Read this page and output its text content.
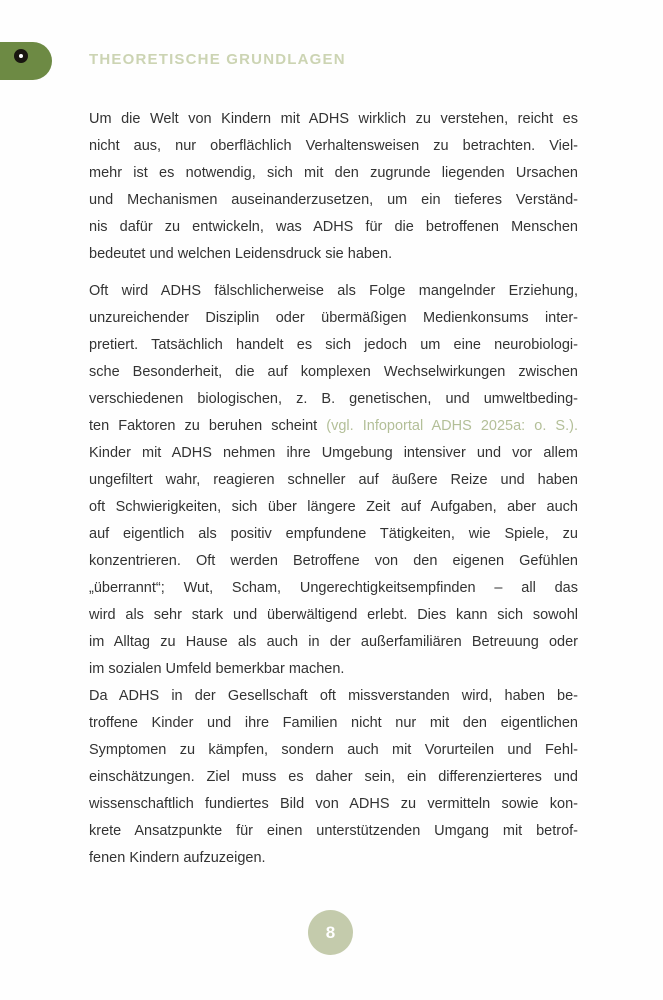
THEORETISCHE GRUNDLAGEN
Um die Welt von Kindern mit ADHS wirklich zu verstehen, reicht es
nicht aus, nur oberflächlich Verhaltensweisen zu betrachten. Viel-
mehr ist es notwendig, sich mit den zugrunde liegenden Ursachen
und Mechanismen auseinanderzusetzen, um ein tieferes Verständ-
nis dafür zu entwickeln, was ADHS für die betroffenen Menschen
bedeutet und welchen Leidensdruck sie haben.
Oft wird ADHS fälschlicherweise als Folge mangelnder Erziehung,
unzureichender Disziplin oder übermäßigen Medienkonsums inter-
pretiert. Tatsächlich handelt es sich jedoch um eine neurobiologi-
sche Besonderheit, die auf komplexen Wechselwirkungen zwischen
verschiedenen biologischen, z. B. genetischen, und umweltbeding-
ten Faktoren zu beruhen scheint (vgl. Infoportal ADHS 2025a: o. S.).
Kinder mit ADHS nehmen ihre Umgebung intensiver und vor allem
ungefiltert wahr, reagieren schneller auf äußere Reize und haben
oft Schwierigkeiten, sich über längere Zeit auf Aufgaben, aber auch
auf eigentlich als positiv empfundene Tätigkeiten, wie Spiele, zu
konzentrieren. Oft werden Betroffene von den eigenen Gefühlen
„überrannt“; Wut, Scham, Ungerechtigkeitsempfinden – all das
wird als sehr stark und überwältigend erlebt. Dies kann sich sowohl
im Alltag zu Hause als auch in der außerfamiliären Betreuung oder
im sozialen Umfeld bemerkbar machen.
Da ADHS in der Gesellschaft oft missverstanden wird, haben be-
troffene Kinder und ihre Familien nicht nur mit den eigentlichen
Symptomen zu kämpfen, sondern auch mit Vorurteilen und Fehl-
einschätzungen. Ziel muss es daher sein, ein differenzierteres und
wissenschaftlich fundiertes Bild von ADHS zu vermitteln sowie kon-
krete Ansatzpunkte für einen unterstützenden Umgang mit betrof-
fenen Kindern aufzuzeigen.
8
